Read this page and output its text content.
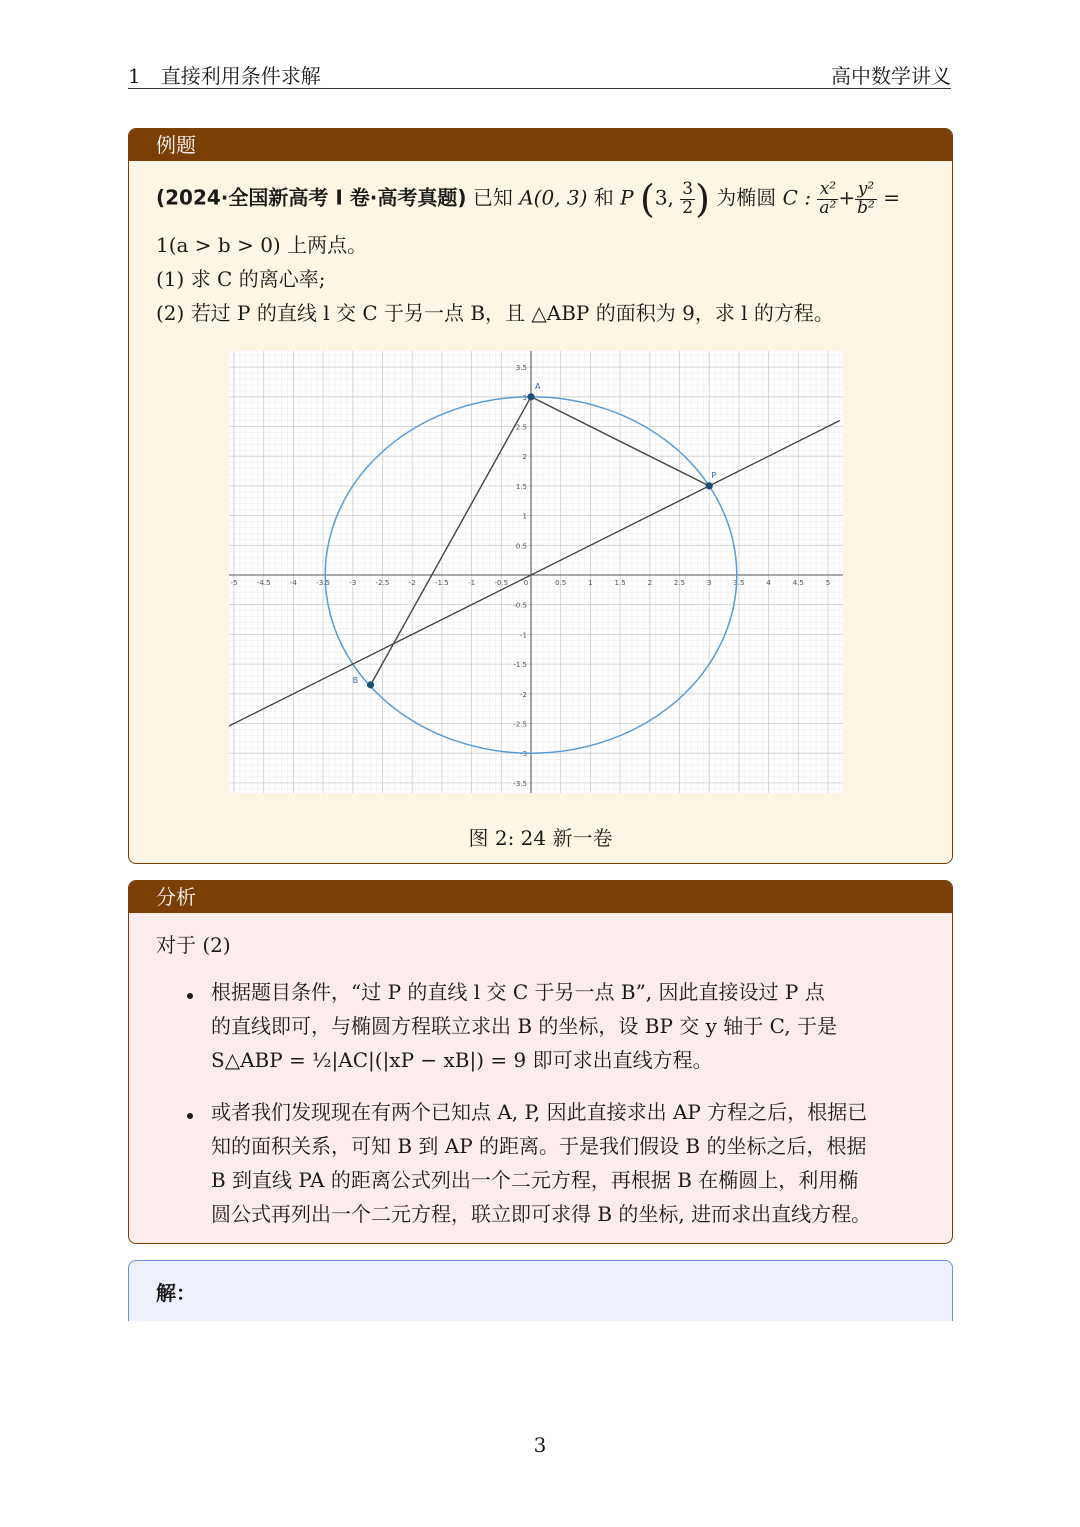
1 直接利用条件求解	高中数学讲义
例题
(2024·全国新高考 I 卷·高考真题) 已知 A(0, 3) 和 P (3, $\frac{3}{2}$ ) 为椭圆 C : $\frac{\text{x²}}{\text{a²}} + \frac{\text{y²}}{\text{b²}}$ =
1(a > b > 0) 上两点。
(1) 求 C 的离心率;
(2) 若过 P 的直线 l 交 C 于另一点 B，且 △ABP 的面积为 9，求 l 的方程。
-5	-4.5	-4	-3.5	-3	-2.5	-2	-1.5	-1	-0.5 0	0.5	1	1.5	2	2.5	3	3.5	4	4.5	5
3.5
3
2.5
2
1.5
1
0.5
-0.5
-1
-1.5
-2
-2.5
-3
-3.5
A
P
B
图 2: 24 新一卷
分析
对于 (2)
根据题目条件，“过 P 的直线 l 交 C 于另一点 B”, 因此直接设过 P 点
的直线即可，与椭圆方程联立求出 B 的坐标，设 BP 交 y 轴于 C, 于是
S△ABP = ½|AC|(|xP − xB|) = 9 即可求出直线方程。
或者我们发现现在有两个已知点 A, P, 因此直接求出 AP 方程之后，根据已
知的面积关系，可知 B 到 AP 的距离。于是我们假设 B 的坐标之后，根据
B 到直线 PA 的距离公式列出一个二元方程，再根据 B 在椭圆上，利用椭
圆公式再列出一个二元方程，联立即可求得 B 的坐标, 进而求出直线方程。
解：
3
